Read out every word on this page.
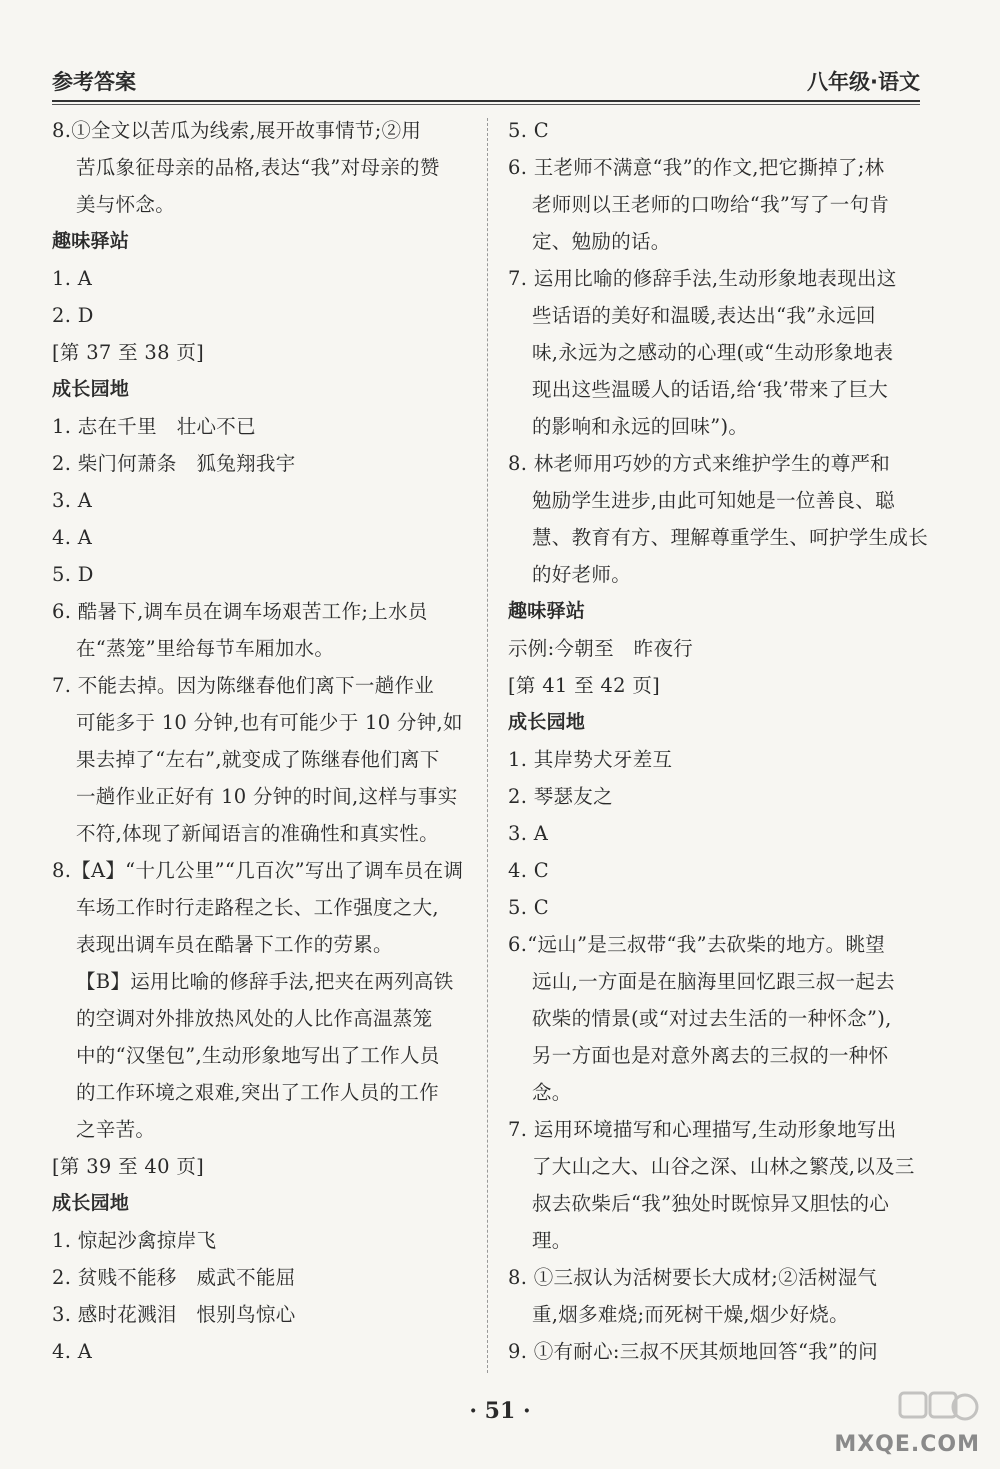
参考答案	八年级·语文
8.①全文以苦瓜为线索,展开故事情节;②用
苦瓜象征母亲的品格,表达“我”对母亲的赞
美与怀念。
趣味驿站
1. A
2. D
[第 37 至 38 页]
成长园地
1. 志在千里　壮心不已
2. 柴门何萧条　狐兔翔我宇
3. A
4. A
5. D
6. 酷暑下,调车员在调车场艰苦工作;上水员
在“蒸笼”里给每节车厢加水。
7. 不能去掉。因为陈继春他们离下一趟作业
可能多于 10 分钟,也有可能少于 10 分钟,如
果去掉了“左右”,就变成了陈继春他们离下
一趟作业正好有 10 分钟的时间,这样与事实
不符,体现了新闻语言的准确性和真实性。
8.【A】“十几公里”“几百次”写出了调车员在调
车场工作时行走路程之长、工作强度之大,
表现出调车员在酷暑下工作的劳累。
【B】运用比喻的修辞手法,把夹在两列高铁
的空调对外排放热风处的人比作高温蒸笼
中的“汉堡包”,生动形象地写出了工作人员
的工作环境之艰难,突出了工作人员的工作
之辛苦。
[第 39 至 40 页]
成长园地
1. 惊起沙禽掠岸飞
2. 贫贱不能移　威武不能屈
3. 感时花溅泪　恨别鸟惊心
4. A
5. C
6. 王老师不满意“我”的作文,把它撕掉了;林
老师则以王老师的口吻给“我”写了一句肯
定、勉励的话。
7. 运用比喻的修辞手法,生动形象地表现出这
些话语的美好和温暖,表达出“我”永远回
味,永远为之感动的心理(或“生动形象地表
现出这些温暖人的话语,给‘我’带来了巨大
的影响和永远的回味”)。
8. 林老师用巧妙的方式来维护学生的尊严和
勉励学生进步,由此可知她是一位善良、聪
慧、教育有方、理解尊重学生、呵护学生成长
的好老师。
趣味驿站
示例:今朝至　昨夜行
[第 41 至 42 页]
成长园地
1. 其岸势犬牙差互
2. 琴瑟友之
3. A
4. C
5. C
6.“远山”是三叔带“我”去砍柴的地方。眺望
远山,一方面是在脑海里回忆跟三叔一起去
砍柴的情景(或“对过去生活的一种怀念”),
另一方面也是对意外离去的三叔的一种怀
念。
7. 运用环境描写和心理描写,生动形象地写出
了大山之大、山谷之深、山林之繁茂,以及三
叔去砍柴后“我”独处时既惊异又胆怯的心
理。
8. ①三叔认为活树要长大成材;②活树湿气
重,烟多难烧;而死树干燥,烟少好烧。
9. ①有耐心:三叔不厌其烦地回答“我”的问
· 51 ·
MXQE.COM
